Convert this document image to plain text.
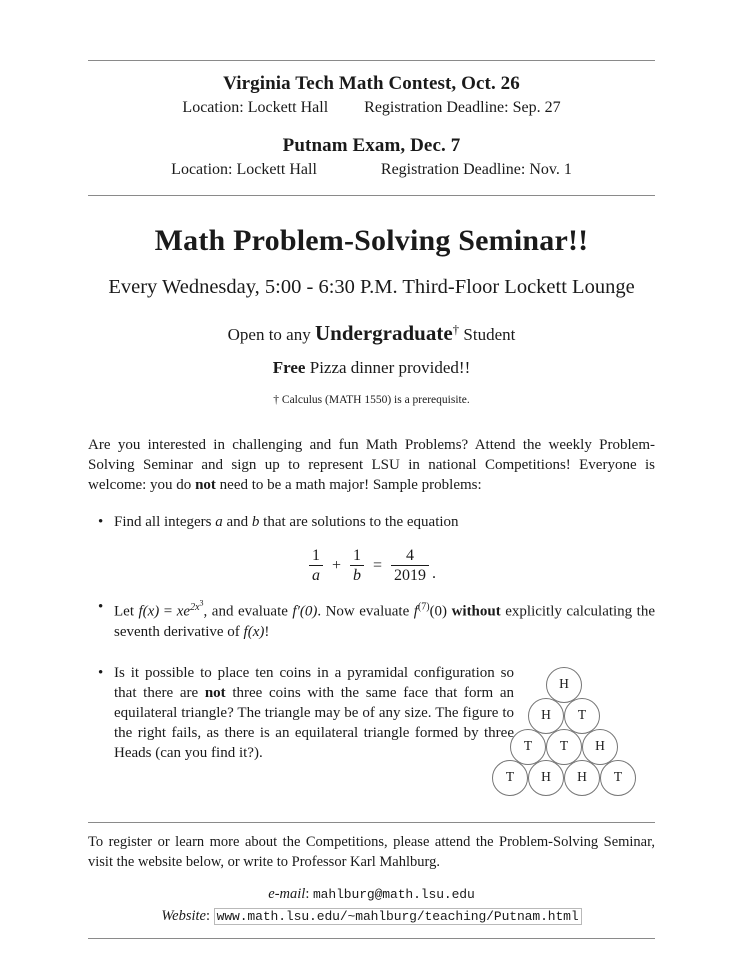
Virginia Tech Math Contest, Oct. 26
Location: Lockett Hall Registration Deadline: Sep. 27
Putnam Exam, Dec. 7
Location: Lockett Hall	Registration Deadline: Nov. 1
Math Problem-Solving Seminar!!
Every Wednesday, 5:00 - 6:30 P.M. Third-Floor Lockett Lounge
Open to any Undergraduate† Student
Free Pizza dinner provided!!
† Calculus (MATH 1550) is a prerequisite.
Are you interested in challenging and fun Math Problems? Attend the weekly Problem-Solving Seminar and sign up to represent LSU in national Competitions! Everyone is welcome: you do not need to be a math major! Sample problems:
• Find all integers a and b that are solutions to the equation
$\frac{1}{a} + \frac{1}{b} = \frac{4}{2019}$ .
• Let $f(x) = xe^{2x^3}$, and evaluate f′(0). Now evaluate $f^{(7)}(0)$ without explicitly calculating the seventh derivative of f(x)!
• Is it possible to place ten coins in a pyramidal configuration so that there are not three coins with the same face that form an equilateral triangle? The triangle may be of any size. The figure to the right fails, as there is an equilateral triangle formed by three Heads (can you find it?).
H
H	T
T	T	H
T	H	H	T
To register or learn more about the Competitions, please attend the Problem-Solving Seminar, visit the website below, or write to Professor Karl Mahlburg.
e-mail: mahlburg@math.lsu.edu
Website: www.math.lsu.edu/~mahlburg/teaching/Putnam.html
